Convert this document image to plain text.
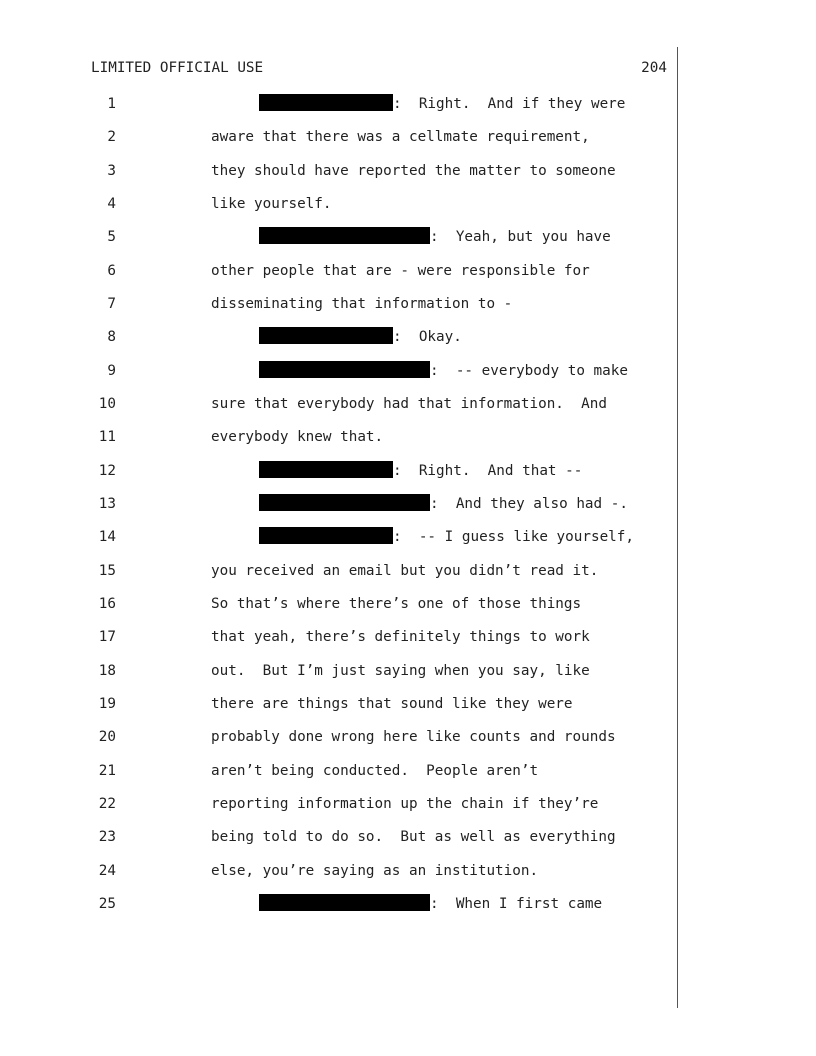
LIMITED OFFICIAL USE	204
1	:  Right.  And if they were
2	aware that there was a cellmate requirement,
3	they should have reported the matter to someone
4	like yourself.
5	:  Yeah, but you have
6	other people that are - were responsible for
7	disseminating that information to -
8	:  Okay.
9	:  -- everybody to make
10	sure that everybody had that information.  And
11	everybody knew that.
12	:  Right.  And that --
13	:  And they also had -.
14	:  -- I guess like yourself,
15	you received an email but you didn’t read it.
16	So that’s where there’s one of those things
17	that yeah, there’s definitely things to work
18	out.  But I’m just saying when you say, like
19	there are things that sound like they were
20	probably done wrong here like counts and rounds
21	aren’t being conducted.  People aren’t
22	reporting information up the chain if they’re
23	being told to do so.  But as well as everything
24	else, you’re saying as an institution.
25	:  When I first came
